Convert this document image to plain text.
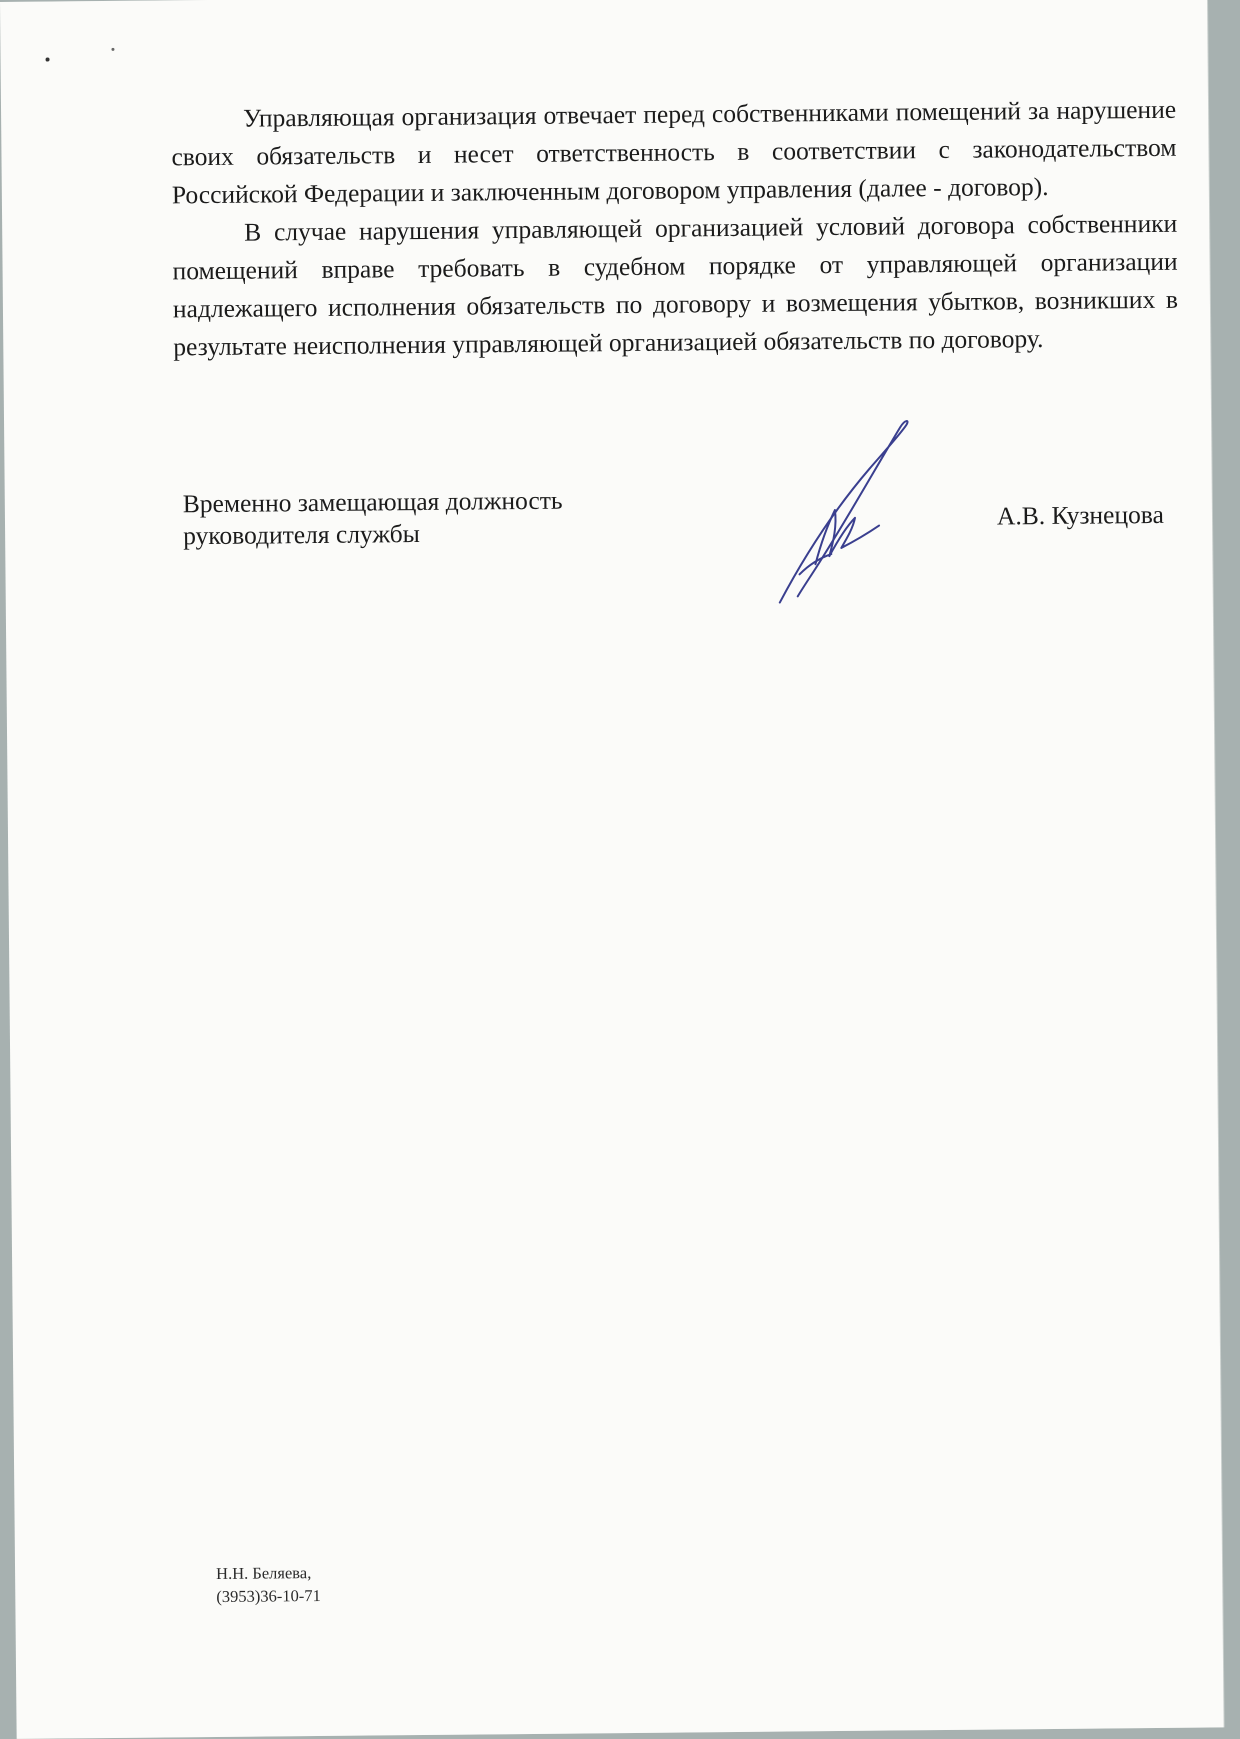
Управляющая организация отвечает перед собственниками помещений за нарушение своих обязательств и несет ответственность в соответствии с законодательством Российской Федерации и заключенным договором управления (далее - договор).

В случае нарушения управляющей организацией условий договора собственники помещений вправе требовать в судебном порядке от управляющей организации надлежащего исполнения обязательств по договору и возмещения убытков, возникших в результате неисполнения управляющей организацией обязательств по договору.

Временно замещающая должность
руководителя службы
А.В. Кузнецова
Н.Н. Беляева,
(3953)36-10-71
